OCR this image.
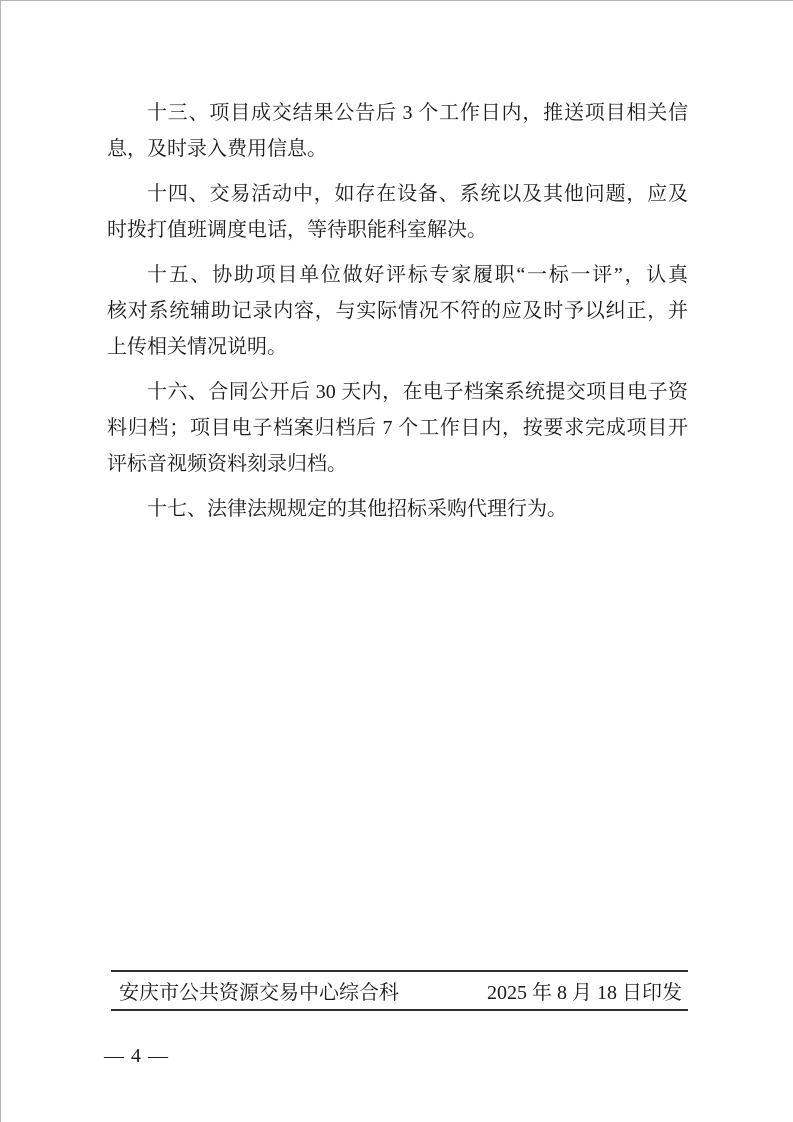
十三、项目成交结果公告后 3 个工作日内，推送项目相关信
息，及时录入费用信息。

十四、交易活动中，如存在设备、系统以及其他问题，应及
时拨打值班调度电话，等待职能科室解决。

十五、协助项目单位做好评标专家履职“一标一评”，认真
核对系统辅助记录内容，与实际情况不符的应及时予以纠正，并
上传相关情况说明。

十六、合同公开后 30 天内，在电子档案系统提交项目电子资
料归档；项目电子档案归档后 7 个工作日内，按要求完成项目开
评标音视频资料刻录归档。

十七、法律法规规定的其他招标采购代理行为。

安庆市公共资源交易中心综合科	2025 年 8 月 18 日印发
— 4 —
